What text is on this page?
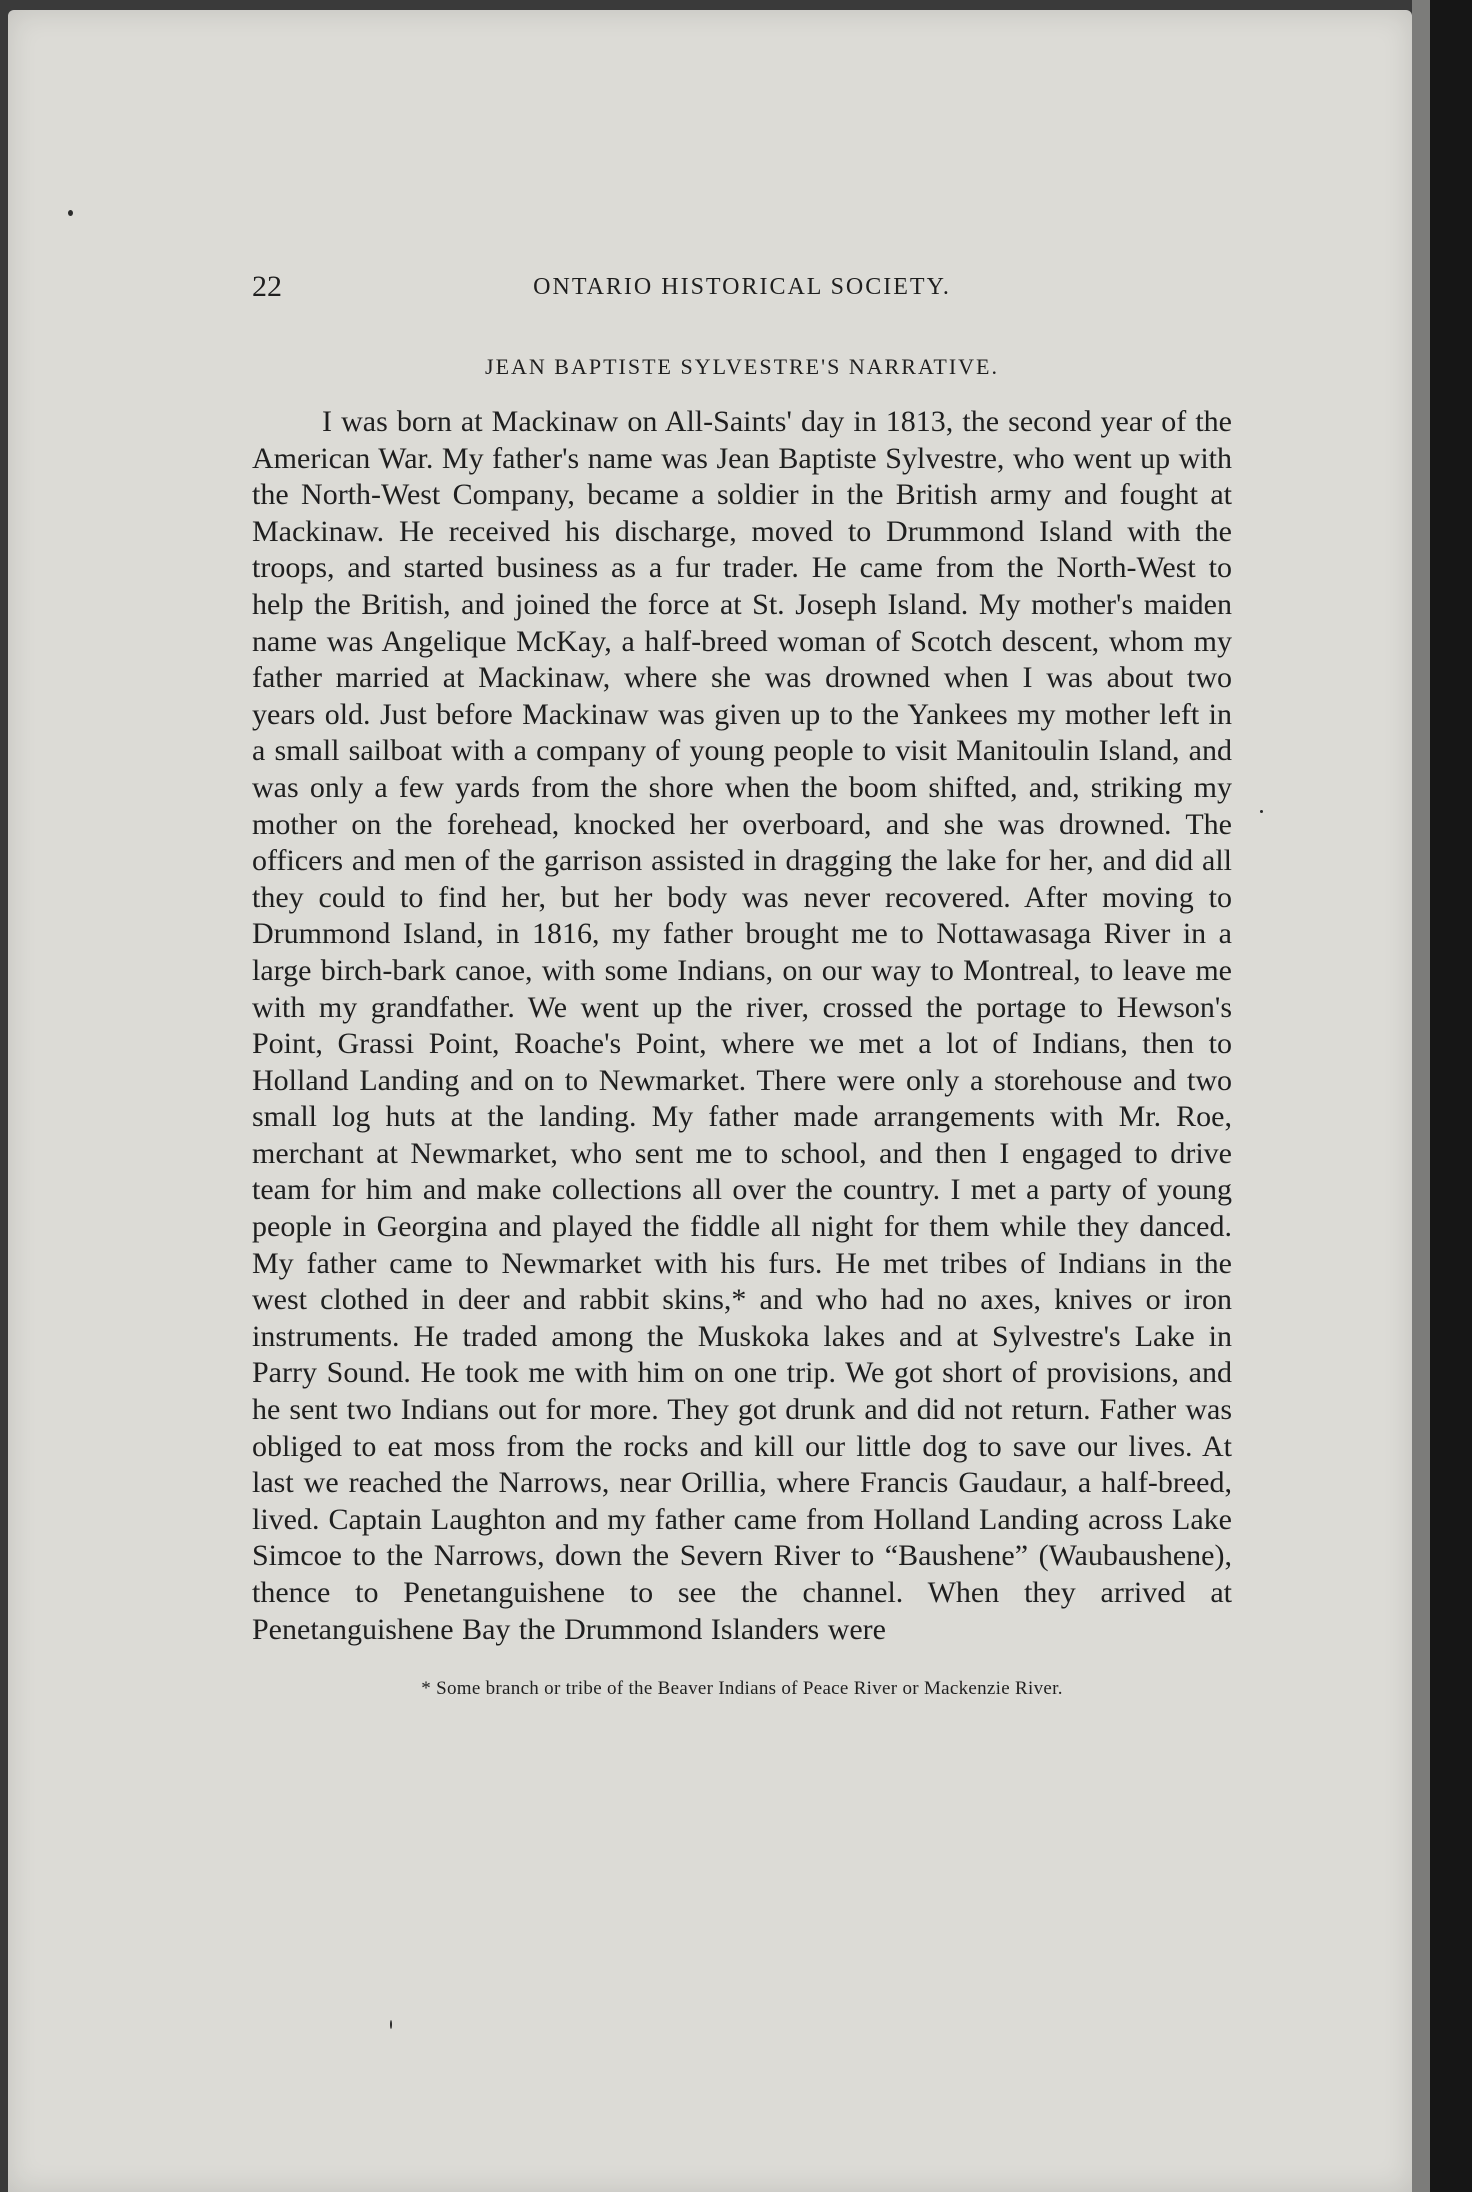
22	ONTARIO HISTORICAL SOCIETY.
JEAN BAPTISTE SYLVESTRE'S NARRATIVE.

I was born at Mackinaw on All-Saints' day in 1813, the second year of the American War. My father's name was Jean Baptiste Sylvestre, who went up with the North-West Company, became a soldier in the British army and fought at Mackinaw. He received his discharge, moved to Drummond Island with the troops, and started business as a fur trader. He came from the North-West to help the British, and joined the force at St. Joseph Island. My mother's maiden name was Angelique McKay, a half-breed woman of Scotch descent, whom my father married at Mackinaw, where she was drowned when I was about two years old. Just before Mackinaw was given up to the Yankees my mother left in a small sailboat with a company of young people to visit Manitoulin Island, and was only a few yards from the shore when the boom shifted, and, striking my mother on the forehead, knocked her overboard, and she was drowned. The officers and men of the garrison assisted in dragging the lake for her, and did all they could to find her, but her body was never recovered. After moving to Drummond Island, in 1816, my father brought me to Nottawasaga River in a large birch-bark canoe, with some Indians, on our way to Montreal, to leave me with my grandfather. We went up the river, crossed the portage to Hewson's Point, Grassi Point, Roache's Point, where we met a lot of Indians, then to Holland Landing and on to Newmarket. There were only a storehouse and two small log huts at the landing. My father made arrangements with Mr. Roe, merchant at Newmarket, who sent me to school, and then I engaged to drive team for him and make collections all over the country. I met a party of young people in Georgina and played the fiddle all night for them while they danced. My father came to Newmarket with his furs. He met tribes of Indians in the west clothed in deer and rabbit skins,* and who had no axes, knives or iron instruments. He traded among the Muskoka lakes and at Sylvestre's Lake in Parry Sound. He took me with him on one trip. We got short of provisions, and he sent two Indians out for more. They got drunk and did not return. Father was obliged to eat moss from the rocks and kill our little dog to save our lives. At last we reached the Narrows, near Orillia, where Francis Gaudaur, a half-breed, lived. Captain Laughton and my father came from Holland Landing across Lake Simcoe to the Narrows, down the Severn River to “Baushene” (Waubaushene), thence to Penetanguishene to see the channel. When they arrived at Penetanguishene Bay the Drummond Islanders were

* Some branch or tribe of the Beaver Indians of Peace River or Mackenzie River.
